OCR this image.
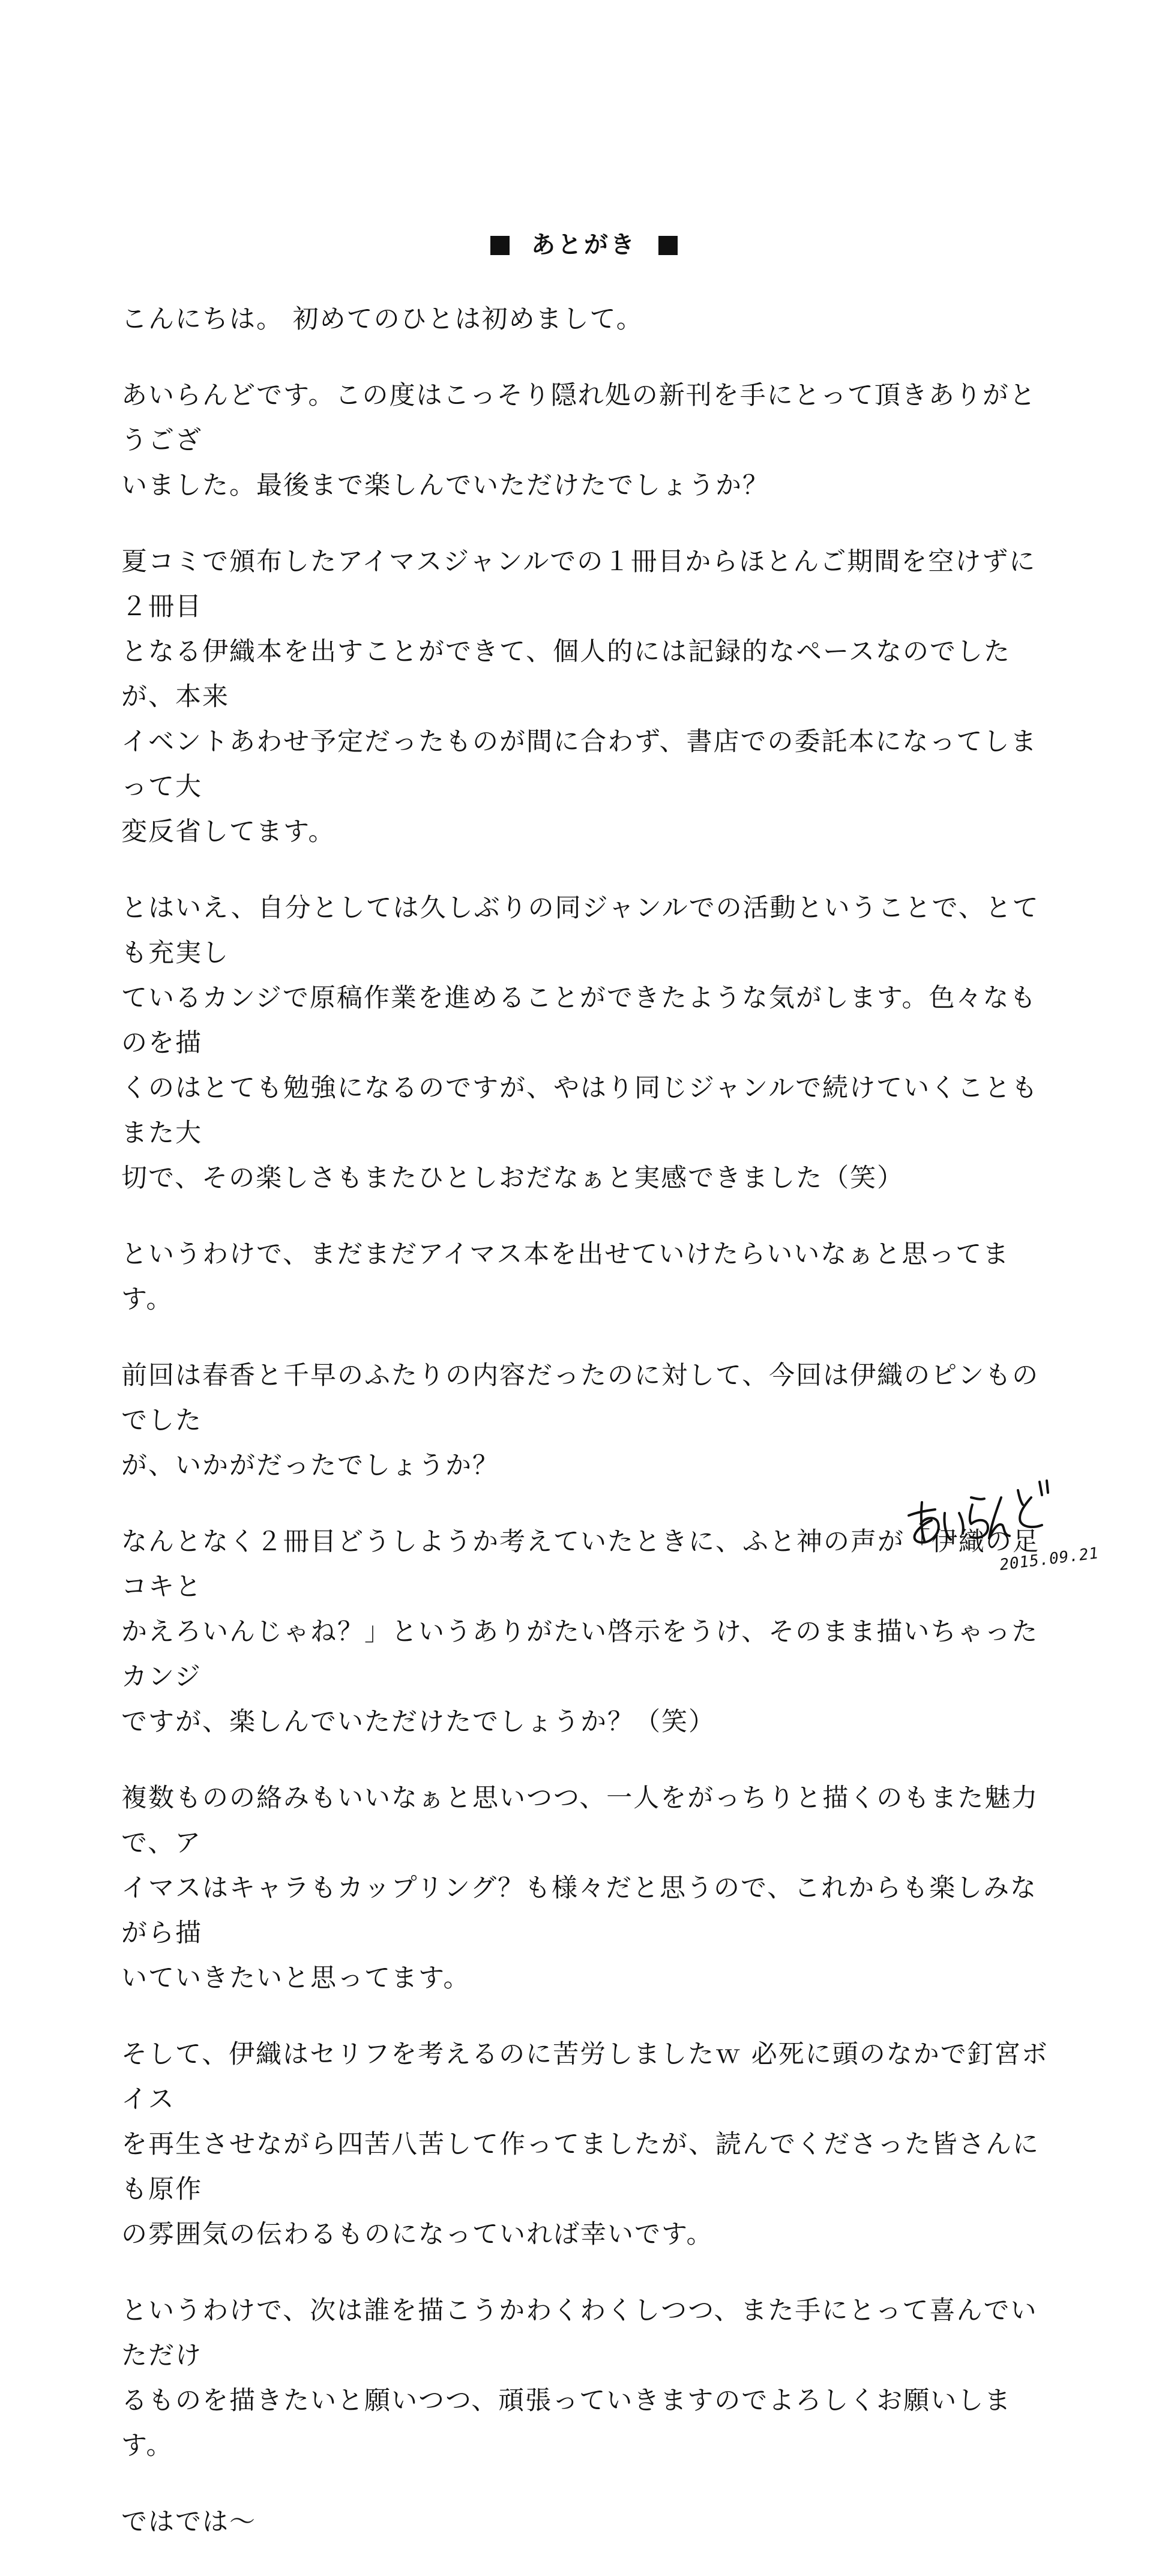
あとがき

こんにちは。 初めてのひとは初めまして。

あいらんどです。この度はこっそり隠れ処の新刊を手にとって頂きありがとうござ
いました。最後まで楽しんでいただけたでしょうか？

夏コミで頒布したアイマスジャンルでの１冊目からほとんご期間を空けずに２冊目
となる伊織本を出すことができて、個人的には記録的なペースなのでしたが、本来
イベントあわせ予定だったものが間に合わず、書店での委託本になってしまって大
変反省してます。

とはいえ、自分としては久しぶりの同ジャンルでの活動ということで、とても充実し
ているカンジで原稿作業を進めることができたような気がします。色々なものを描
くのはとても勉強になるのですが、やはり同じジャンルで続けていくこともまた大
切で、その楽しさもまたひとしおだなぁと実感できました（笑）

というわけで、まだまだアイマス本を出せていけたらいいなぁと思ってます。

前回は春香と千早のふたりの内容だったのに対して、今回は伊織のピンものでした
が、いかがだったでしょうか？

なんとなく２冊目どうしようか考えていたときに、ふと神の声が「伊織の足コキと
かえろいんじゃね？」というありがたい啓示をうけ、そのまま描いちゃったカンジ
ですが、楽しんでいただけたでしょうか？（笑）

複数ものの絡みもいいなぁと思いつつ、一人をがっちりと描くのもまた魅力で、ア
イマスはキャラもカップリング？も様々だと思うので、これからも楽しみながら描
いていきたいと思ってます。

そして、伊織はセリフを考えるのに苦労しましたｗ 必死に頭のなかで釘宮ボイス
を再生させながら四苦八苦して作ってましたが、読んでくださった皆さんにも原作
の雰囲気の伝わるものになっていれば幸いです。

というわけで、次は誰を描こうかわくわくしつつ、また手にとって喜んでいただけ
るものを描きたいと願いつつ、頑張っていきますのでよろしくお願いします。

ではでは～

2015.09.21
